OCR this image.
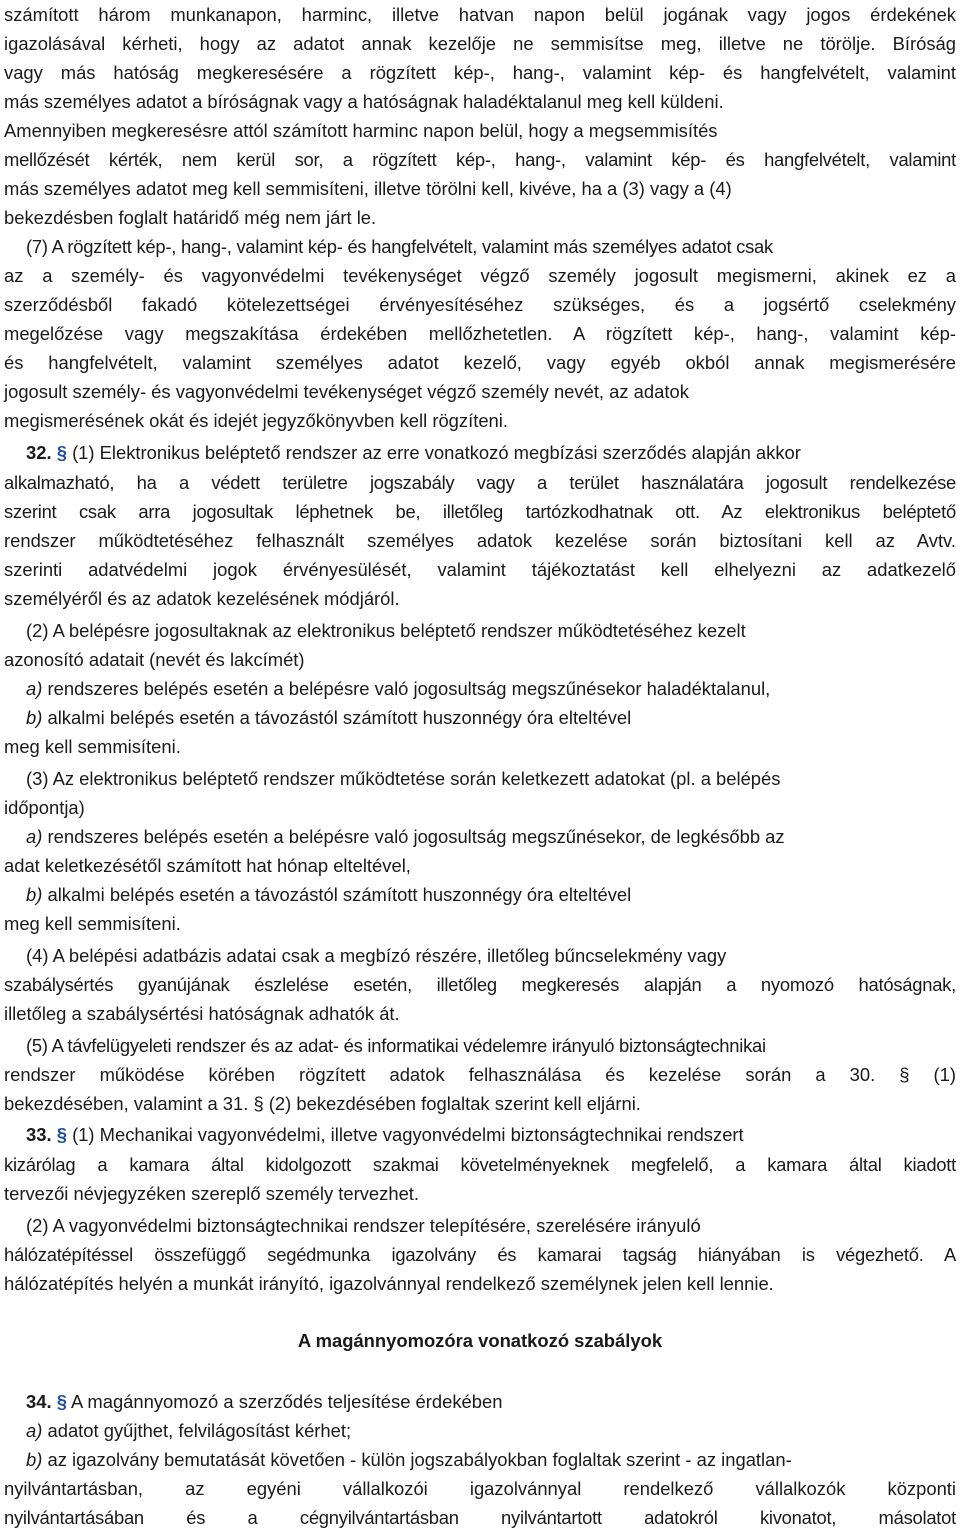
számított három munkanapon, harminc, illetve hatvan napon belül jogának vagy jogos érdekének
igazolásával kérheti, hogy az adatot annak kezelője ne semmisítse meg, illetve ne törölje. Bíróság
vagy más hatóság megkeresésére a rögzített kép-, hang-, valamint kép- és hangfelvételt, valamint
más személyes adatot a bíróságnak vagy a hatóságnak haladéktalanul meg kell küldeni.
Amennyiben megkeresésre attól számított harminc napon belül, hogy a megsemmisítés
mellőzését kérték, nem kerül sor, a rögzített kép-, hang-, valamint kép- és hangfelvételt, valamint
más személyes adatot meg kell semmisíteni, illetve törölni kell, kivéve, ha a (3) vagy a (4)
bekezdésben foglalt határidő még nem járt le.
(7) A rögzített kép-, hang-, valamint kép- és hangfelvételt, valamint más személyes adatot csak
az a személy- és vagyonvédelmi tevékenységet végző személy jogosult megismerni, akinek ez a
szerződésből fakadó kötelezettségei érvényesítéséhez szükséges, és a jogsértő cselekmény
megelőzése vagy megszakítása érdekében mellőzhetetlen. A rögzített kép-, hang-, valamint kép-
és hangfelvételt, valamint személyes adatot kezelő, vagy egyéb okból annak megismerésére
jogosult személy- és vagyonvédelmi tevékenységet végző személy nevét, az adatok
megismerésének okát és idejét jegyzőkönyvben kell rögzíteni.
32. § (1) Elektronikus beléptető rendszer az erre vonatkozó megbízási szerződés alapján akkor
alkalmazható, ha a védett területre jogszabály vagy a terület használatára jogosult rendelkezése
szerint csak arra jogosultak léphetnek be, illetőleg tartózkodhatnak ott. Az elektronikus beléptető
rendszer működtetéséhez felhasznált személyes adatok kezelése során biztosítani kell az Avtv.
szerinti adatvédelmi jogok érvényesülését, valamint tájékoztatást kell elhelyezni az adatkezelő
személyéről és az adatok kezelésének módjáról.
(2) A belépésre jogosultaknak az elektronikus beléptető rendszer működtetéséhez kezelt
azonosító adatait (nevét és lakcímét)
a) rendszeres belépés esetén a belépésre való jogosultság megszűnésekor haladéktalanul,
b) alkalmi belépés esetén a távozástól számított huszonnégy óra elteltével
meg kell semmisíteni.
(3) Az elektronikus beléptető rendszer működtetése során keletkezett adatokat (pl. a belépés
időpontja)
a) rendszeres belépés esetén a belépésre való jogosultság megszűnésekor, de legkésőbb az
adat keletkezésétől számított hat hónap elteltével,
b) alkalmi belépés esetén a távozástól számított huszonnégy óra elteltével
meg kell semmisíteni.
(4) A belépési adatbázis adatai csak a megbízó részére, illetőleg bűncselekmény vagy
szabálysértés gyanújának észlelése esetén, illetőleg megkeresés alapján a nyomozó hatóságnak,
illetőleg a szabálysértési hatóságnak adhatók át.
(5) A távfelügyeleti rendszer és az adat- és informatikai védelemre irányuló biztonságtechnikai
rendszer működése körében rögzített adatok felhasználása és kezelése során a 30. § (1)
bekezdésében, valamint a 31. § (2) bekezdésében foglaltak szerint kell eljárni.
33. § (1) Mechanikai vagyonvédelmi, illetve vagyonvédelmi biztonságtechnikai rendszert
kizárólag a kamara által kidolgozott szakmai követelményeknek megfelelő, a kamara által kiadott
tervezői névjegyzéken szereplő személy tervezhet.
(2) A vagyonvédelmi biztonságtechnikai rendszer telepítésére, szerelésére irányuló
hálózatépítéssel összefüggő segédmunka igazolvány és kamarai tagság hiányában is végezhető. A
hálózatépítés helyén a munkát irányító, igazolvánnyal rendelkező személynek jelen kell lennie.
A magánnyomozóra vonatkozó szabályok
34. § A magánnyomozó a szerződés teljesítése érdekében
a) adatot gyűjthet, felvilágosítást kérhet;
b) az igazolvány bemutatását követően - külön jogszabályokban foglaltak szerint - az ingatlan-
nyilvántartásban, az egyéni vállalkozói igazolvánnyal rendelkező vállalkozók központi
nyilvántartásában és a cégnyilvántartásban nyilvántartott adatokról kivonatot, másolatot
